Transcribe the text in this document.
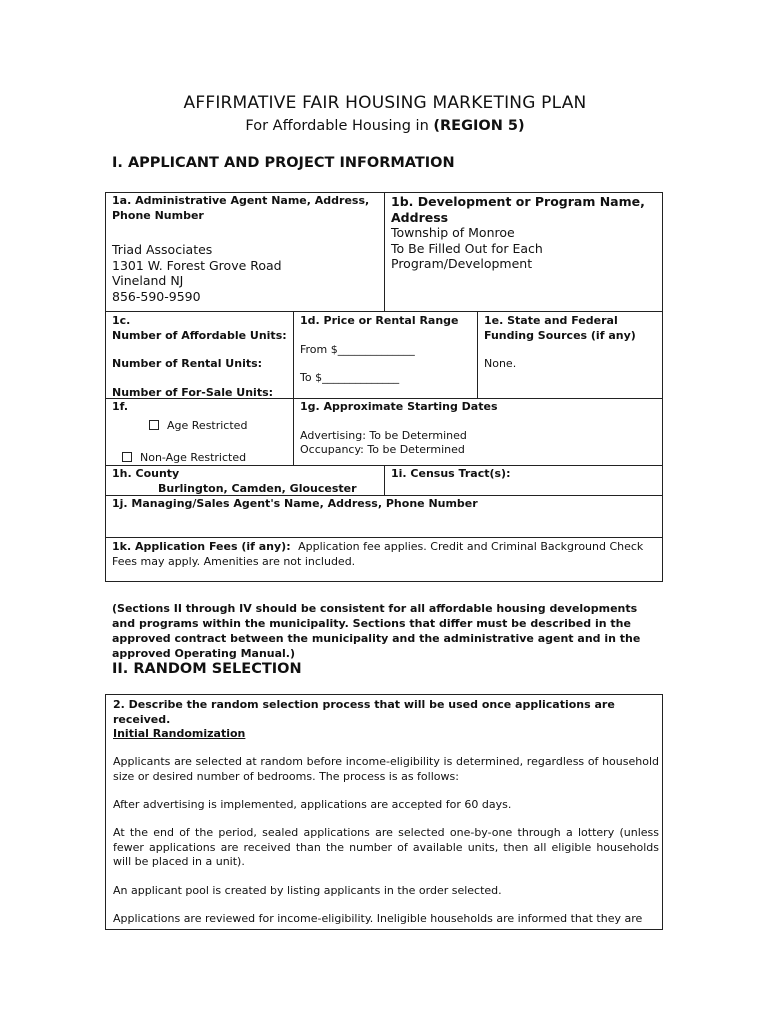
AFFIRMATIVE FAIR HOUSING MARKETING PLAN
For Affordable Housing in (REGION 5)
I. APPLICANT AND PROJECT INFORMATION
1a. Administrative Agent Name, Address, Phone Number
Triad Associates
1301 W. Forest Grove Road
Vineland NJ
856-590-9590
1b. Development or Program Name, Address
Township of Monroe
To Be Filled Out for Each
Program/Development
1c.
Number of Affordable Units:
Number of Rental Units:
Number of For-Sale Units:
1d. Price or Rental Range
From $______________
To $______________
1e. State and Federal Funding Sources (if any)
None.
1f.
Age Restricted
Non-Age Restricted
1g. Approximate Starting Dates
Advertising: To be Determined
Occupancy: To be Determined
1h. County
Burlington, Camden, Gloucester
1i. Census Tract(s):
1j. Managing/Sales Agent's Name, Address, Phone Number
1k. Application Fees (if any): Application fee applies. Credit and Criminal Background Check Fees may apply. Amenities are not included.
(Sections II through IV should be consistent for all affordable housing developments and programs within the municipality. Sections that differ must be described in the approved contract between the municipality and the administrative agent and in the approved Operating Manual.)
II. RANDOM SELECTION
2. Describe the random selection process that will be used once applications are received.
Initial Randomization
Applicants are selected at random before income-eligibility is determined, regardless of household size or desired number of bedrooms. The process is as follows:
After advertising is implemented, applications are accepted for 60 days.
At the end of the period, sealed applications are selected one-by-one through a lottery (unless fewer applications are received than the number of available units, then all eligible households will be placed in a unit).
An applicant pool is created by listing applicants in the order selected.
Applications are reviewed for income-eligibility. Ineligible households are informed that they are
